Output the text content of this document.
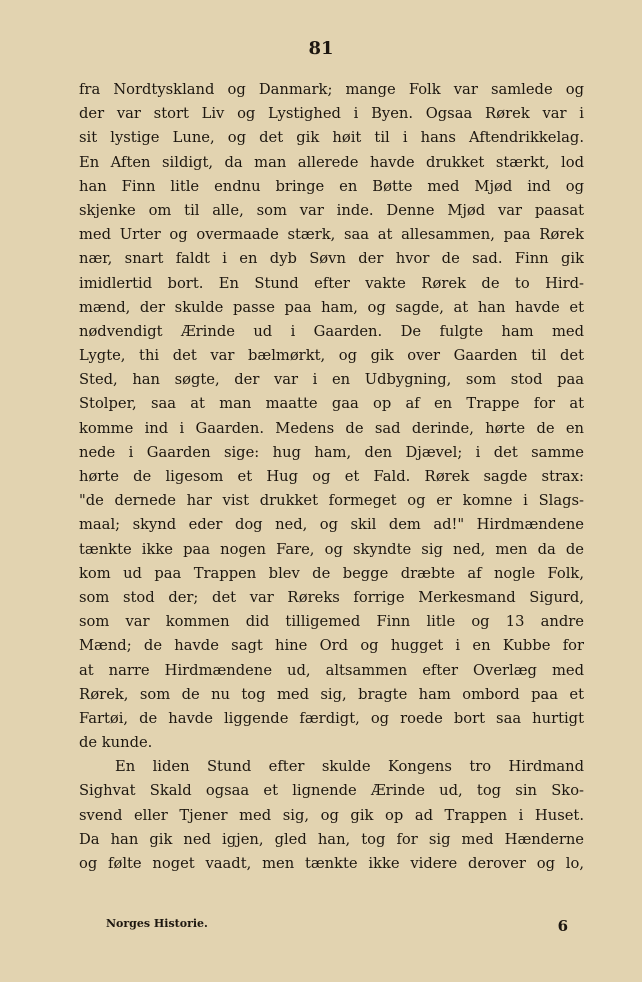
81
fra Nordtyskland og Danmark; mange Folk var samlede og
der var stort Liv og Lystighed i Byen. Ogsaa Rørek var i
sit lystige Lune, og det gik høit til i hans Aftendrikkelag.
En Aften sildigt, da man allerede havde drukket stærkt, lod
han Finn litle endnu bringe en Bøtte med Mjød ind og
skjenke om til alle, som var inde. Denne Mjød var paasat
med Urter og overmaade stærk, saa at allesammen, paa Rørek
nær, snart faldt i en dyb Søvn der hvor de sad. Finn gik
imidlertid bort. En Stund efter vakte Rørek de to Hird-
mænd, der skulde passe paa ham, og sagde, at han havde et
nødvendigt Ærinde ud i Gaarden. De fulgte ham med
Lygte, thi det var bælmørkt, og gik over Gaarden til det
Sted, han søgte, der var i en Udbygning, som stod paa
Stolper, saa at man maatte gaa op af en Trappe for at
komme ind i Gaarden. Medens de sad derinde, hørte de en
nede i Gaarden sige: hug ham, den Djævel; i det samme
hørte de ligesom et Hug og et Fald. Rørek sagde strax:
"de dernede har vist drukket formeget og er komne i Slags-
maal; skynd eder dog ned, og skil dem ad!" Hirdmændene
tænkte ikke paa nogen Fare, og skyndte sig ned, men da de
kom ud paa Trappen blev de begge dræbte af nogle Folk,
som stod der; det var Røreks forrige Merkesmand Sigurd,
som var kommen did tilligemed Finn litle og 13 andre
Mænd; de havde sagt hine Ord og hugget i en Kubbe for
at narre Hirdmændene ud, altsammen efter Overlæg med
Rørek, som de nu tog med sig, bragte ham ombord paa et
Fartøi, de havde liggende færdigt, og roede bort saa hurtigt
de kunde.
En liden Stund efter skulde Kongens tro Hirdmand
Sighvat Skald ogsaa et lignende Ærinde ud, tog sin Sko-
svend eller Tjener med sig, og gik op ad Trappen i Huset.
Da han gik ned igjen, gled han, tog for sig med Hænderne
og følte noget vaadt, men tænkte ikke videre derover og lo,
Norges Historie.	6
